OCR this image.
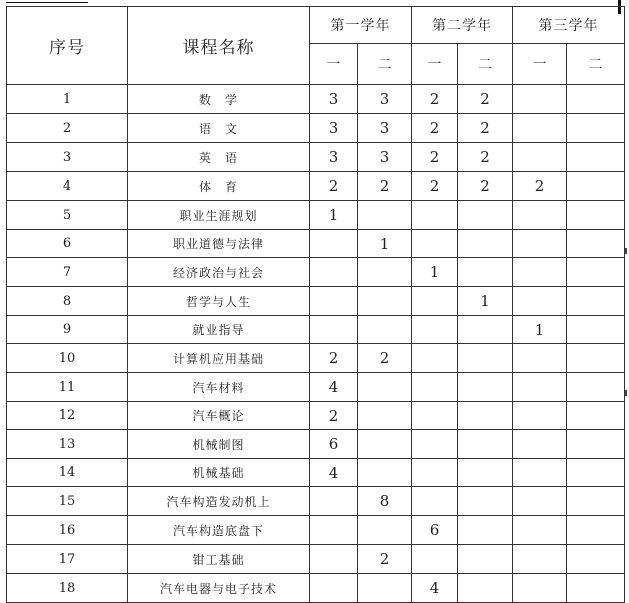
序号	课程名称	第一学年		第二学年		第三学年	
		一	二	一	二	一	二
1	数　学	3	3	2	2		
2	语　文	3	3	2	2		
3	英　语	3	3	2	2		
4	体　育	2	2	2	2	2	
5	职业生涯规划	1					
6	职业道德与法律		1				
7	经济政治与社会			1			
8	哲学与人生				1		
9	就业指导					1	
10	计算机应用基础	2	2				
11	汽车材料	4					
12	汽车概论	2					
13	机械制图	6					
14	机械基础	4					
15	汽车构造发动机上		8				
16	汽车构造底盘下			6			
17	钳工基础		2				
18	汽车电器与电子技术			4			
